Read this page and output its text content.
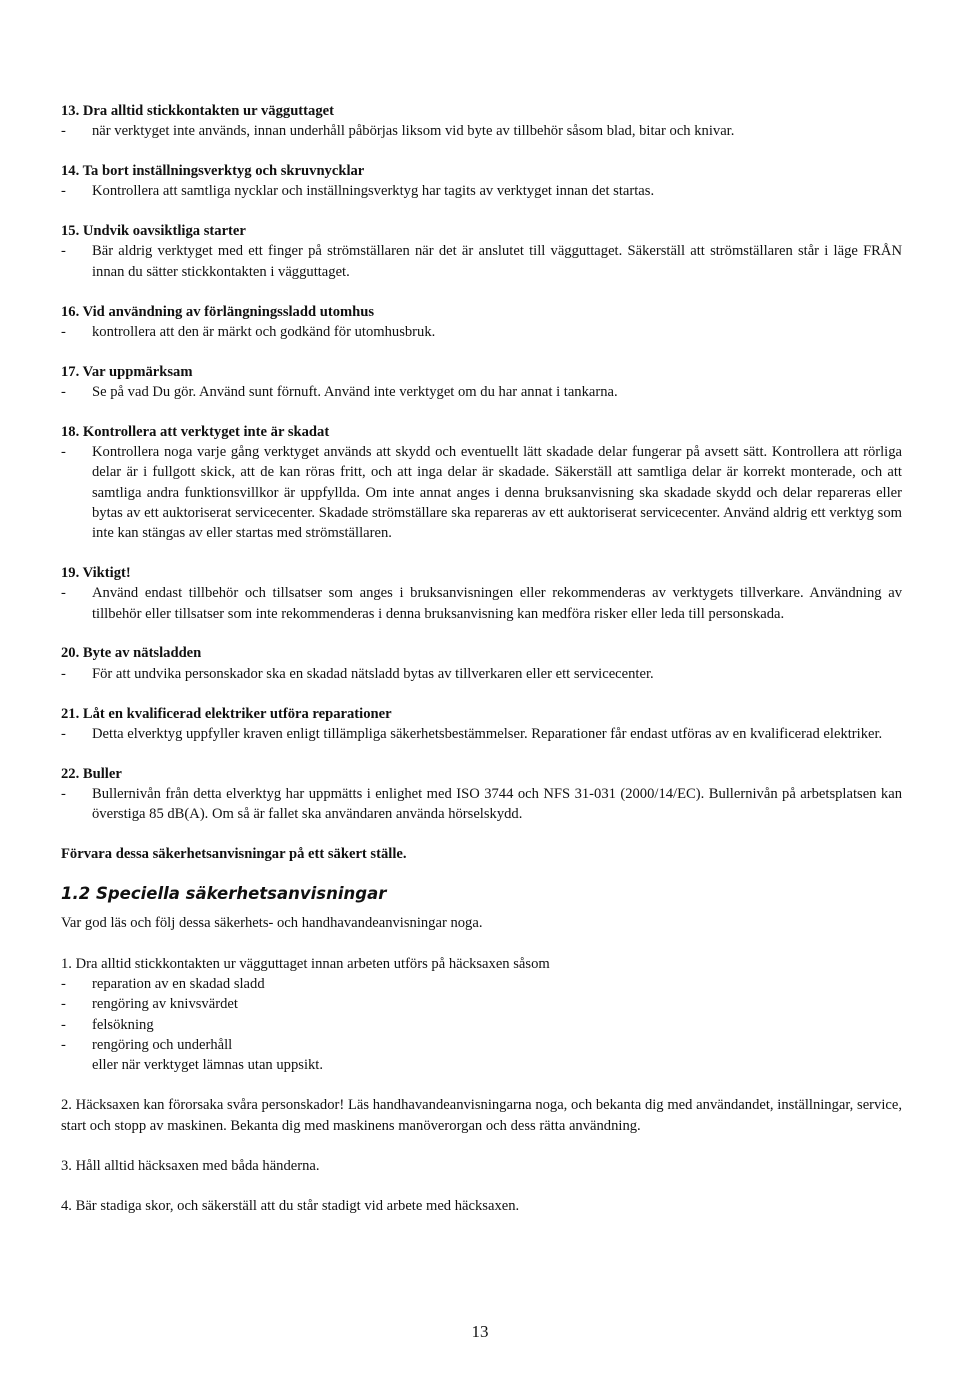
13. Dra alltid stickkontakten ur vägguttaget
-	när verktyget inte används, innan underhåll påbörjas liksom vid byte av tillbehör såsom blad, bitar och knivar.
14. Ta bort inställningsverktyg och skruvnycklar
-	Kontrollera att samtliga nycklar och inställningsverktyg har tagits av verktyget innan det startas.
15. Undvik oavsiktliga starter
-	Bär aldrig verktyget med ett finger på strömställaren när det är anslutet till vägguttaget. Säkerställ att strömställaren står i läge FRÅN innan du sätter stickkontakten i vägguttaget.
16. Vid användning av förlängningssladd utomhus
-	kontrollera att den är märkt och godkänd för utomhusbruk.
17. Var uppmärksam
-	Se på vad Du gör. Använd sunt förnuft. Använd inte verktyget om du har annat i tankarna.
18. Kontrollera att verktyget inte är skadat
-	Kontrollera noga varje gång verktyget används att skydd och eventuellt lätt skadade delar fungerar på avsett sätt. Kontrollera att rörliga delar är i fullgott skick, att de kan röras fritt, och att inga delar är skadade. Säkerställ att samtliga delar är korrekt monterade, och att samtliga andra funktionsvillkor är uppfyllda. Om inte annat anges i denna bruksanvisning ska skadade skydd och delar repareras eller bytas av ett auktoriserat servicecenter. Skadade strömställare ska repareras av ett auktoriserat servicecenter. Använd aldrig ett verktyg som inte kan stängas av eller startas med strömställaren.
19. Viktigt!
-	Använd endast tillbehör och tillsatser som anges i bruksanvisningen eller rekommenderas av verktygets tillverkare. Användning av tillbehör eller tillsatser som inte rekommenderas i denna bruksanvisning kan medföra risker eller leda till personskada.
20. Byte av nätsladden
-	För att undvika personskador ska en skadad nätsladd bytas av tillverkaren eller ett servicecenter.
21. Låt en kvalificerad elektriker utföra reparationer
-	Detta elverktyg uppfyller kraven enligt tillämpliga säkerhetsbestämmelser. Reparationer får endast utföras av en kvalificerad elektriker.
22. Buller
-	Bullernivån från detta elverktyg har uppmätts i enlighet med ISO 3744 och NFS 31-031 (2000/14/EC). Bullernivån på arbetsplatsen kan överstiga 85 dB(A). Om så är fallet ska användaren använda hörselskydd.
Förvara dessa säkerhetsanvisningar på ett säkert ställe.
1.2 Speciella säkerhetsanvisningar
Var god läs och följ dessa säkerhets- och handhavandeanvisningar noga.
1. Dra alltid stickkontakten ur vägguttaget innan arbeten utförs på häcksaxen såsom
-	reparation av en skadad sladd
-	rengöring av knivsvärdet
-	felsökning
-	rengöring och underhåll
eller när verktyget lämnas utan uppsikt.
2. Häcksaxen kan förorsaka svåra personskador! Läs handhavandeanvisningarna noga, och bekanta dig med användandet, inställningar, service, start och stopp av maskinen. Bekanta dig med maskinens manöverorgan och dess rätta användning.
3. Håll alltid häcksaxen med båda händerna.
4. Bär stadiga skor, och säkerställ att du står stadigt vid arbete med häcksaxen.
13
